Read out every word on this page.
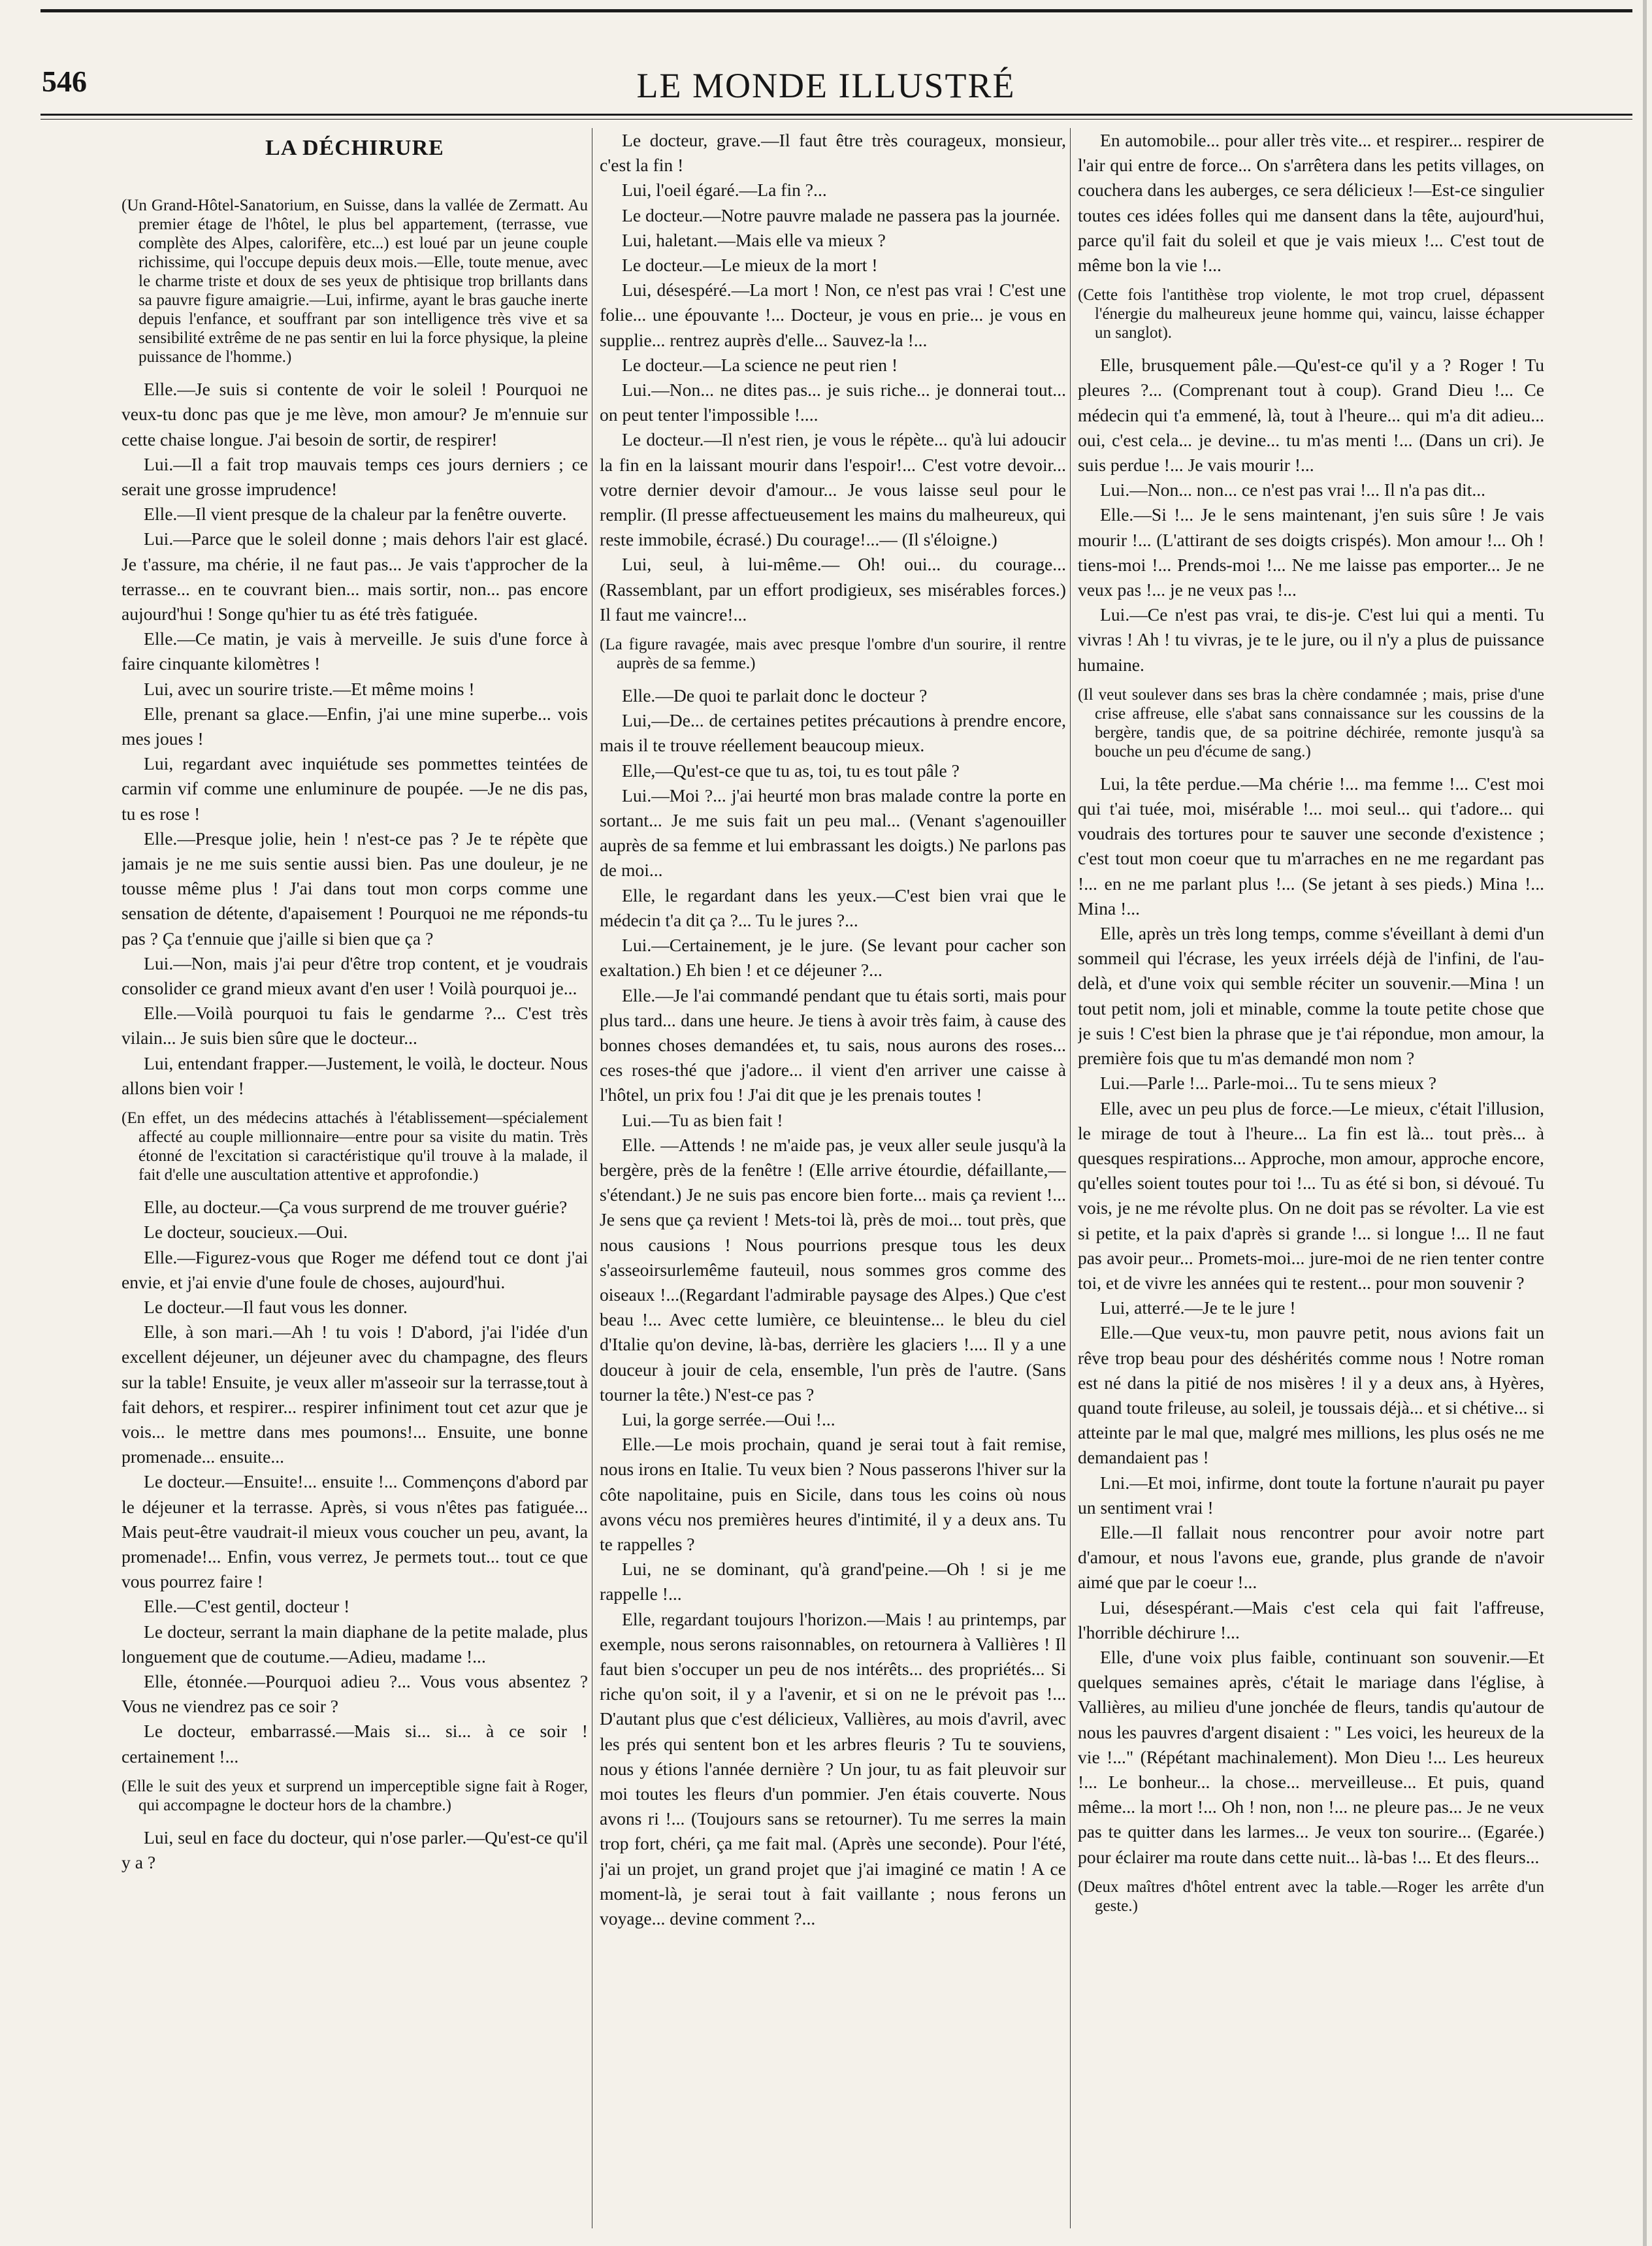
546	LE MONDE ILLUSTRÉ
LA DÉCHIRURE
(Un Grand-Hôtel-Sanatorium, en Suisse, dans la vallée de Zermatt. Au premier étage de l'hôtel, le plus bel appartement, (terrasse, vue complète des Alpes, calorifère, etc...) est loué par un jeune couple richissime, qui l'occupe depuis deux mois.—Elle, toute menue, avec le charme triste et doux de ses yeux de phtisique trop brillants dans sa pauvre figure amaigrie.—Lui, infirme, ayant le bras gauche inerte depuis l'enfance, et souffrant par son intelligence très vive et sa sensibilité extrême de ne pas sentir en lui la force physique, la pleine puissance de l'homme.)

Elle.—Je suis si contente de voir le soleil ! Pourquoi ne veux-tu donc pas que je me lève, mon amour? Je m'ennuie sur cette chaise longue. J'ai besoin de sortir, de respirer!

Lui.—Il a fait trop mauvais temps ces jours derniers ; ce serait une grosse imprudence!

Elle.—Il vient presque de la chaleur par la fenêtre ouverte.

Lui.—Parce que le soleil donne ; mais dehors l'air est glacé. Je t'assure, ma chérie, il ne faut pas... Je vais t'approcher de la terrasse... en te couvrant bien... mais sortir, non... pas encore aujourd'hui ! Songe qu'hier tu as été très fatiguée.

Elle.—Ce matin, je vais à merveille. Je suis d'une force à faire cinquante kilomètres !

Lui, avec un sourire triste.—Et même moins !

Elle, prenant sa glace.—Enfin, j'ai une mine superbe... vois mes joues !

Lui, regardant avec inquiétude ses pommettes teintées de carmin vif comme une enluminure de poupée. —Je ne dis pas, tu es rose !

Elle.—Presque jolie, hein ! n'est-ce pas ? Je te répète que jamais je ne me suis sentie aussi bien. Pas une douleur, je ne tousse même plus ! J'ai dans tout mon corps comme une sensation de détente, d'apaisement ! Pourquoi ne me réponds-tu pas ? Ça t'ennuie que j'aille si bien que ça ?

Lui.—Non, mais j'ai peur d'être trop content, et je voudrais consolider ce grand mieux avant d'en user ! Voilà pourquoi je...

Elle.—Voilà pourquoi tu fais le gendarme ?... C'est très vilain... Je suis bien sûre que le docteur...

Lui, entendant frapper.—Justement, le voilà, le docteur. Nous allons bien voir !

(En effet, un des médecins attachés à l'établissement—spécialement affecté au couple millionnaire—entre pour sa visite du matin. Très étonné de l'excitation si caractéristique qu'il trouve à la malade, il fait d'elle une auscultation attentive et approfondie.)

Elle, au docteur.—Ça vous surprend de me trouver guérie?

Le docteur, soucieux.—Oui.

Elle.—Figurez-vous que Roger me défend tout ce dont j'ai envie, et j'ai envie d'une foule de choses, aujourd'hui.

Le docteur.—Il faut vous les donner.

Elle, à son mari.—Ah ! tu vois ! D'abord, j'ai l'idée d'un excellent déjeuner, un déjeuner avec du champagne, des fleurs sur la table! Ensuite, je veux aller m'asseoir sur la terrasse,tout à fait dehors, et respirer... respirer infiniment tout cet azur que je vois... le mettre dans mes poumons!... Ensuite, une bonne promenade... ensuite...

Le docteur.—Ensuite!... ensuite !... Commençons d'abord par le déjeuner et la terrasse. Après, si vous n'êtes pas fatiguée... Mais peut-être vaudrait-il mieux vous coucher un peu, avant, la promenade!... Enfin, vous verrez, Je permets tout... tout ce que vous pourrez faire !

Elle.—C'est gentil, docteur !

Le docteur, serrant la main diaphane de la petite malade, plus longuement que de coutume.—Adieu, madame !...

Elle, étonnée.—Pourquoi adieu ?... Vous vous absentez ? Vous ne viendrez pas ce soir ?

Le docteur, embarrassé.—Mais si... si... à ce soir ! certainement !...

(Elle le suit des yeux et surprend un imperceptible signe fait à Roger, qui accompagne le docteur hors de la chambre.)

Lui, seul en face du docteur, qui n'ose parler.—Qu'est-ce qu'il y a ?

Le docteur, grave.—Il faut être très courageux, monsieur, c'est la fin !

Lui, l'oeil égaré.—La fin ?...

Le docteur.—Notre pauvre malade ne passera pas la journée.

Lui, haletant.—Mais elle va mieux ?

Le docteur.—Le mieux de la mort !

Lui, désespéré.—La mort ! Non, ce n'est pas vrai ! C'est une folie... une épouvante !... Docteur, je vous en prie... je vous en supplie... rentrez auprès d'elle... Sauvez-la !...

Le docteur.—La science ne peut rien !

Lui.—Non... ne dites pas... je suis riche... je donnerai tout... on peut tenter l'impossible !....

Le docteur.—Il n'est rien, je vous le répète... qu'à lui adoucir la fin en la laissant mourir dans l'espoir!... C'est votre devoir... votre dernier devoir d'amour... Je vous laisse seul pour le remplir. (Il presse affectueusement les mains du malheureux, qui reste immobile, écrasé.) Du courage!...— (Il s'éloigne.)

Lui, seul, à lui-même.— Oh! oui... du courage... (Rassemblant, par un effort prodigieux, ses misérables forces.) Il faut me vaincre!...

(La figure ravagée, mais avec presque l'ombre d'un sourire, il rentre auprès de sa femme.)

Elle.—De quoi te parlait donc le docteur ?

Lui,—De... de certaines petites précautions à prendre encore, mais il te trouve réellement beaucoup mieux.

Elle,—Qu'est-ce que tu as, toi, tu es tout pâle ?

Lui.—Moi ?... j'ai heurté mon bras malade contre la porte en sortant... Je me suis fait un peu mal... (Venant s'agenouiller auprès de sa femme et lui embrassant les doigts.) Ne parlons pas de moi...

Elle, le regardant dans les yeux.—C'est bien vrai que le médecin t'a dit ça ?... Tu le jures ?...

Lui.—Certainement, je le jure. (Se levant pour cacher son exaltation.) Eh bien ! et ce déjeuner ?...

Elle.—Je l'ai commandé pendant que tu étais sorti, mais pour plus tard... dans une heure. Je tiens à avoir très faim, à cause des bonnes choses demandées et, tu sais, nous aurons des roses... ces roses-thé que j'adore... il vient d'en arriver une caisse à l'hôtel, un prix fou ! J'ai dit que je les prenais toutes !

Lui.—Tu as bien fait !

Elle. —Attends ! ne m'aide pas, je veux aller seule jusqu'à la bergère, près de la fenêtre ! (Elle arrive étourdie, défaillante,— s'étendant.) Je ne suis pas encore bien forte... mais ça revient !... Je sens que ça revient ! Mets-toi là, près de moi... tout près, que nous causions ! Nous pourrions presque tous les deux s'asseoirsurlemême fauteuil, nous sommes gros comme des oiseaux !...(Regardant l'admirable paysage des Alpes.) Que c'est beau !... Avec cette lumière, ce bleuintense... le bleu du ciel d'Italie qu'on devine, là-bas, derrière les glaciers !.... Il y a une douceur à jouir de cela, ensemble, l'un près de l'autre. (Sans tourner la tête.) N'est-ce pas ?

Lui, la gorge serrée.—Oui !...

Elle.—Le mois prochain, quand je serai tout à fait remise, nous irons en Italie. Tu veux bien ? Nous passerons l'hiver sur la côte napolitaine, puis en Sicile, dans tous les coins où nous avons vécu nos premières heures d'intimité, il y a deux ans. Tu te rappelles ?

Lui, ne se dominant, qu'à grand'peine.—Oh ! si je me rappelle !...

Elle, regardant toujours l'horizon.—Mais ! au printemps, par exemple, nous serons raisonnables, on retournera à Vallières ! Il faut bien s'occuper un peu de nos intérêts... des propriétés... Si riche qu'on soit, il y a l'avenir, et si on ne le prévoit pas !... D'autant plus que c'est délicieux, Vallières, au mois d'avril, avec les prés qui sentent bon et les arbres fleuris ? Tu te souviens, nous y étions l'année dernière ? Un jour, tu as fait pleuvoir sur moi toutes les fleurs d'un pommier. J'en étais couverte. Nous avons ri !... (Toujours sans se retourner). Tu me serres la main trop fort, chéri, ça me fait mal. (Après une seconde). Pour l'été, j'ai un projet, un grand projet que j'ai imaginé ce matin ! A ce moment-là, je serai tout à fait vaillante ; nous ferons un voyage... devine comment ?...

En automobile... pour aller très vite... et respirer... respirer de l'air qui entre de force... On s'arrêtera dans les petits villages, on couchera dans les auberges, ce sera délicieux !—Est-ce singulier toutes ces idées folles qui me dansent dans la tête, aujourd'hui, parce qu'il fait du soleil et que je vais mieux !... C'est tout de même bon la vie !...

(Cette fois l'antithèse trop violente, le mot trop cruel, dépassent l'énergie du malheureux jeune homme qui, vaincu, laisse échapper un sanglot).

Elle, brusquement pâle.—Qu'est-ce qu'il y a ? Roger ! Tu pleures ?... (Comprenant tout à coup). Grand Dieu !... Ce médecin qui t'a emmené, là, tout à l'heure... qui m'a dit adieu... oui, c'est cela... je devine... tu m'as menti !... (Dans un cri). Je suis perdue !... Je vais mourir !...

Lui.—Non... non... ce n'est pas vrai !... Il n'a pas dit...

Elle.—Si !... Je le sens maintenant, j'en suis sûre ! Je vais mourir !... (L'attirant de ses doigts crispés). Mon amour !... Oh ! tiens-moi !... Prends-moi !... Ne me laisse pas emporter... Je ne veux pas !... je ne veux pas !...

Lui.—Ce n'est pas vrai, te dis-je. C'est lui qui a menti. Tu vivras ! Ah ! tu vivras, je te le jure, ou il n'y a plus de puissance humaine.

(Il veut soulever dans ses bras la chère condamnée ; mais, prise d'une crise affreuse, elle s'abat sans connaissance sur les coussins de la bergère, tandis que, de sa poitrine déchirée, remonte jusqu'à sa bouche un peu d'écume de sang.)

Lui, la tête perdue.—Ma chérie !... ma femme !... C'est moi qui t'ai tuée, moi, misérable !... moi seul... qui t'adore... qui voudrais des tortures pour te sauver une seconde d'existence ; c'est tout mon coeur que tu m'arraches en ne me regardant pas !... en ne me parlant plus !... (Se jetant à ses pieds.) Mina !... Mina !...

Elle, après un très long temps, comme s'éveillant à demi d'un sommeil qui l'écrase, les yeux irréels déjà de l'infini, de l'au-delà, et d'une voix qui semble réciter un souvenir.—Mina ! un tout petit nom, joli et minable, comme la toute petite chose que je suis ! C'est bien la phrase que je t'ai répondue, mon amour, la première fois que tu m'as demandé mon nom ?

Lui.—Parle !... Parle-moi... Tu te sens mieux ?

Elle, avec un peu plus de force.—Le mieux, c'était l'illusion, le mirage de tout à l'heure... La fin est là... tout près... à quesques respirations... Approche, mon amour, approche encore, qu'elles soient toutes pour toi !... Tu as été si bon, si dévoué. Tu vois, je ne me révolte plus. On ne doit pas se révolter. La vie est si petite, et la paix d'après si grande !... si longue !... Il ne faut pas avoir peur... Promets-moi... jure-moi de ne rien tenter contre toi, et de vivre les années qui te restent... pour mon souvenir ?

Lui, atterré.—Je te le jure !

Elle.—Que veux-tu, mon pauvre petit, nous avions fait un rêve trop beau pour des déshérités comme nous ! Notre roman est né dans la pitié de nos misères ! il y a deux ans, à Hyères, quand toute frileuse, au soleil, je toussais déjà... et si chétive... si atteinte par le mal que, malgré mes millions, les plus osés ne me demandaient pas !

Lni.—Et moi, infirme, dont toute la fortune n'aurait pu payer un sentiment vrai !

Elle.—Il fallait nous rencontrer pour avoir notre part d'amour, et nous l'avons eue, grande, plus grande de n'avoir aimé que par le coeur !...

Lui, désespérant.—Mais c'est cela qui fait l'affreuse, l'horrible déchirure !...

Elle, d'une voix plus faible, continuant son souvenir.—Et quelques semaines après, c'était le mariage dans l'église, à Vallières, au milieu d'une jonchée de fleurs, tandis qu'autour de nous les pauvres d'argent disaient : " Les voici, les heureux de la vie !..." (Répétant machinalement). Mon Dieu !... Les heureux !... Le bonheur... la chose... merveilleuse... Et puis, quand même... la mort !... Oh ! non, non !... ne pleure pas... Je ne veux pas te quitter dans les larmes... Je veux ton sourire... (Egarée.) pour éclairer ma route dans cette nuit... là-bas !... Et des fleurs...

(Deux maîtres d'hôtel entrent avec la table.—Roger les arrête d'un geste.)
